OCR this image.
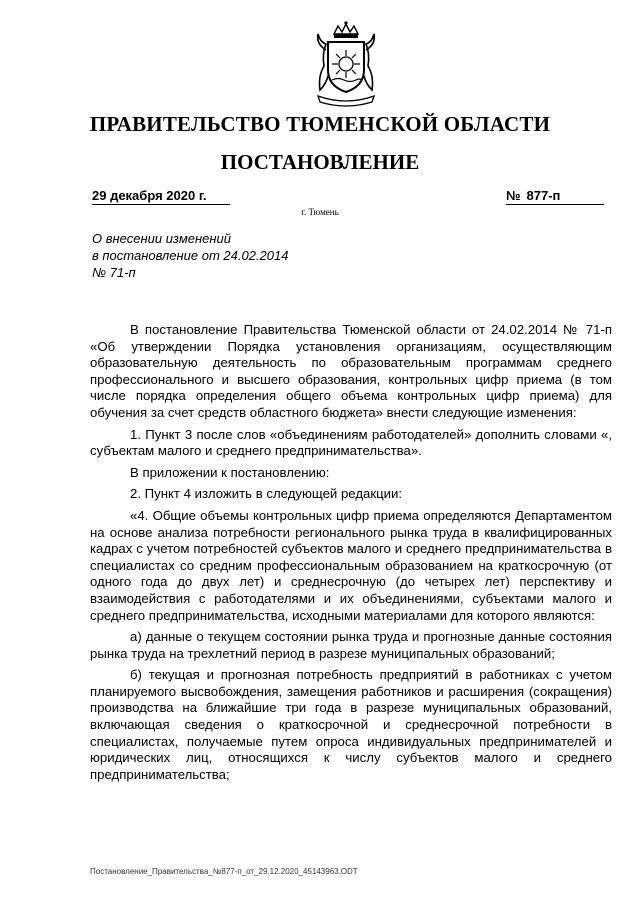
ПРАВИТЕЛЬСТВО ТЮМЕНСКОЙ ОБЛАСТИ
ПОСТАНОВЛЕНИЕ
29 декабря 2020 г.	№ 877-п
г. Тюмень
О внесении изменений
в постановление от 24.02.2014
№ 71-п

В постановление Правительства Тюменской области от 24.02.2014 № 71-п «Об утверждении Порядка установления организациям, осуществляющим образовательную деятельность по образовательным программам среднего профессионального и высшего образования, контрольных цифр приема (в том числе порядка определения общего объема контрольных цифр приема) для обучения за счет средств областного бюджета» внести следующие изменения:

1. Пункт 3 после слов «объединениям работодателей» дополнить словами «, субъектам малого и среднего предпринимательства».

В приложении к постановлению:

2. Пункт 4 изложить в следующей редакции:

«4. Общие объемы контрольных цифр приема определяются Департаментом на основе анализа потребности регионального рынка труда в квалифицированных кадрах с учетом потребностей субъектов малого и среднего предпринимательства в специалистах со средним профессиональным образованием на краткосрочную (от одного года до двух лет) и среднесрочную (до четырех лет) перспективу и взаимодействия с работодателями и их объединениями, субъектами малого и среднего предпринимательства, исходными материалами для которого являются:

а) данные о текущем состоянии рынка труда и прогнозные данные состояния рынка труда на трехлетний период в разрезе муниципальных образований;

б) текущая и прогнозная потребность предприятий в работниках с учетом планируемого высвобождения, замещения работников и расширения (сокращения) производства на ближайшие три года в разрезе муниципальных образований, включающая сведения о краткосрочной и среднесрочной потребности в специалистах, получаемые путем опроса индивидуальных предпринимателей и юридических лиц, относящихся к числу субъектов малого и среднего предпринимательства;

Постановление_Правительства_№877-п_от_29.12.2020_45143963.ODT
